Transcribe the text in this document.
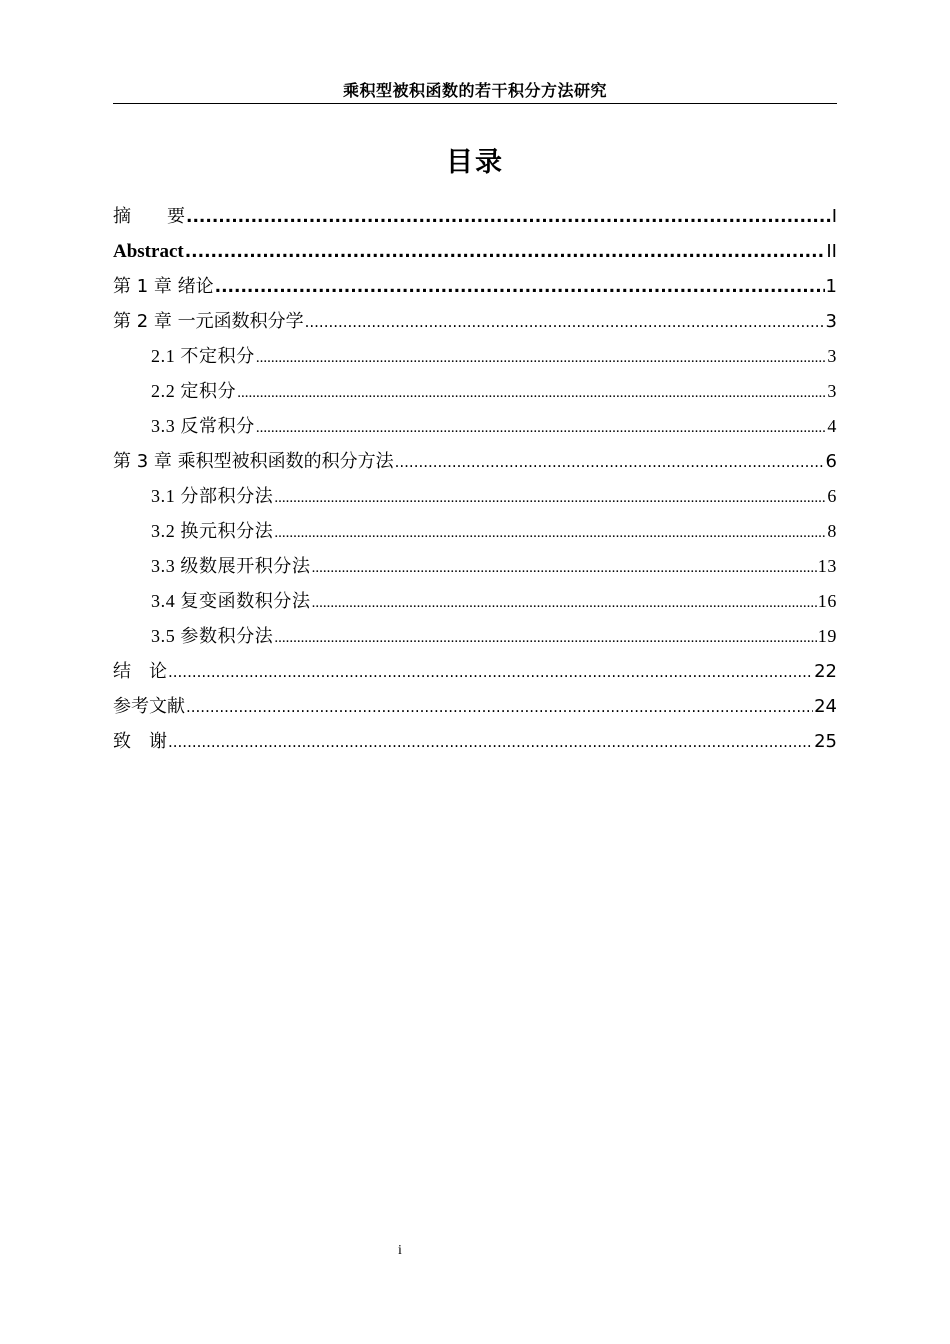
乘积型被积函数的若干积分方法研究
目录
摘　　要 .....	I
Abstract .....	II
第 1 章 绪论 .....	1
第 2 章 一元函数积分学 .....	3
2.1 不定积分 .....	3
2.2 定积分 .....	3
3.3 反常积分 .....	4
第 3 章 乘积型被积函数的积分方法 .....	6
3.1 分部积分法 .....	6
3.2 换元积分法 .....	8
3.3 级数展开积分法 .....	13
3.4 复变函数积分法 .....	16
3.5 参数积分法 .....	19
结　论 .....	22
参考文献 .....	24
致　谢 .....	25
i
